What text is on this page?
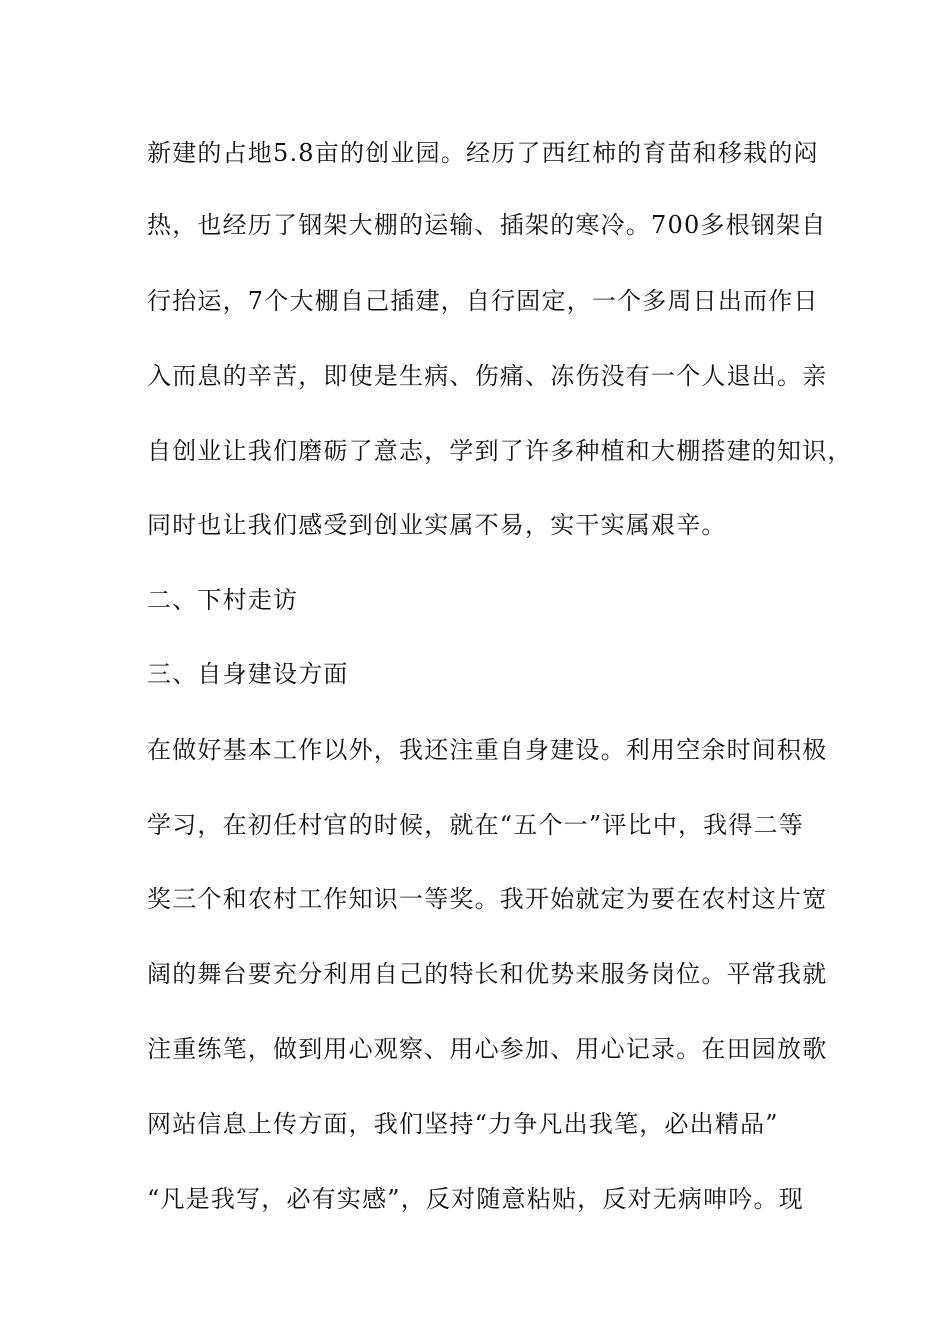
新建的占地5.8亩的创业园。经历了西红柿的育苗和移栽的闷
热，也经历了钢架大棚的运输、插架的寒冷。700多根钢架自
行抬运，7个大棚自己插建，自行固定，一个多周日出而作日
入而息的辛苦，即使是生病、伤痛、冻伤没有一个人退出。亲
自创业让我们磨砺了意志，学到了许多种植和大棚搭建的知识，
同时也让我们感受到创业实属不易，实干实属艰辛。
二、下村走访
三、自身建设方面
在做好基本工作以外，我还注重自身建设。利用空余时间积极
学习，在初任村官的时候，就在“五个一”评比中，我得二等
奖三个和农村工作知识一等奖。我开始就定为要在农村这片宽
阔的舞台要充分利用自己的特长和优势来服务岗位。平常我就
注重练笔，做到用心观察、用心参加、用心记录。在田园放歌
网站信息上传方面，我们坚持“力争凡出我笔，必出精品”
“凡是我写，必有实感”，反对随意粘贴，反对无病呻吟。现
